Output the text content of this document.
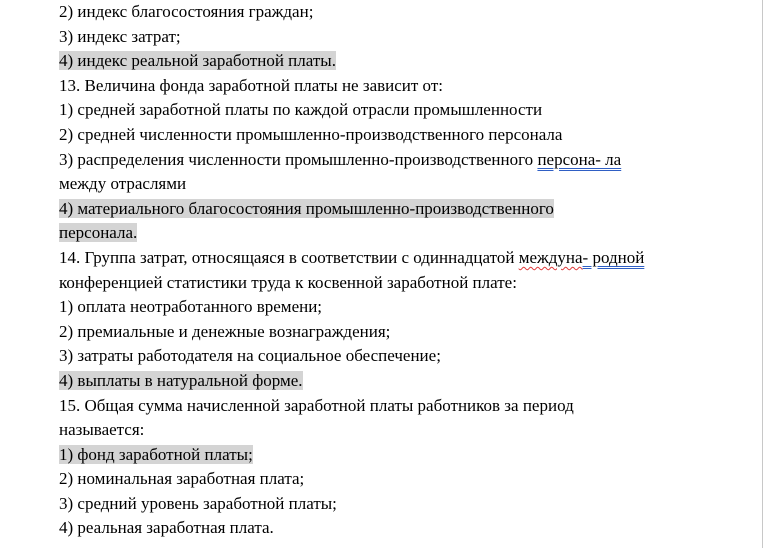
2) индекс благосостояния граждан;
3) индекс затрат;
4) индекс реальной заработной платы.
13. Величина фонда заработной платы не зависит от:
1) средней заработной платы по каждой отрасли промышленности
2) средней численности промышленно-производственного персонала
3) распределения численности промышленно-производственного персона- ла
между отраслями
4) материального благосостояния промышленно-производственного
персонала.
14. Группа затрат, относящаяся в соответствии с одиннадцатой междуна- родной
конференцией статистики труда к косвенной заработной плате:
1) оплата неотработанного времени;
2) премиальные и денежные вознаграждения;
3) затраты работодателя на социальное обеспечение;
4) выплаты в натуральной форме.
15. Общая сумма начисленной заработной платы работников за период
называется:
1) фонд заработной платы;
2) номинальная заработная плата;
3) средний уровень заработной платы;
4) реальная заработная плата.
